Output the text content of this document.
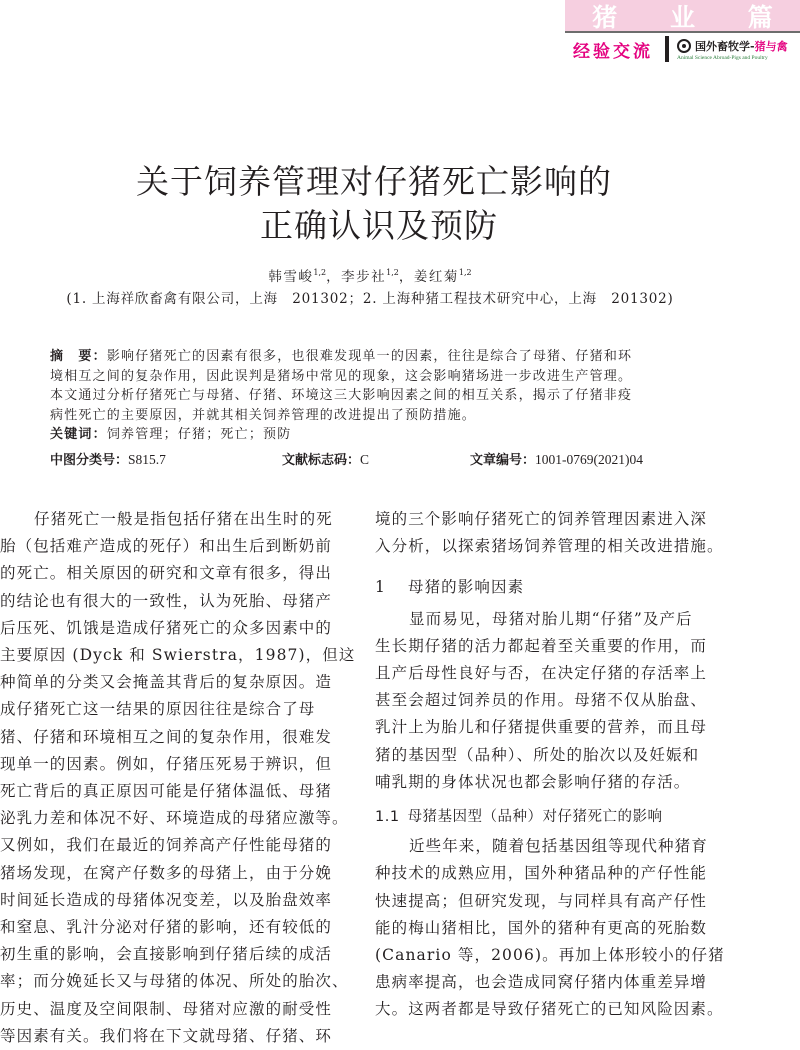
猪 业 篇
经验交流	国外畜牧学- 猪与禽
Animal Science Abroad-Pigs and Poultry
关于饲养管理对仔猪死亡影响的
正确认识及预防
韩雪峻$^{1,2}$，李步社$^{1,2}$，姜红菊$^{1,2}$
(1. 上海祥欣畜禽有限公司，上海　201302；2. 上海种猪工程技术研究中心，上海　201302)
摘　要：影响仔猪死亡的因素有很多，也很难发现单一的因素，往往是综合了母猪、仔猪和环
境相互之间的复杂作用，因此误判是猪场中常见的现象，这会影响猪场进一步改进生产管理。
本文通过分析仔猪死亡与母猪、仔猪、环境这三大影响因素之间的相互关系，揭示了仔猪非疫
病性死亡的主要原因，并就其相关饲养管理的改进提出了预防措施。
关键词：饲养管理；仔猪；死亡；预防
中图分类号：S815.7	文献标志码：C	文章编号：1001-0769(2021)04
仔猪死亡一般是指包括仔猪在出生时的死
胎（包括难产造成的死仔）和出生后到断奶前
的死亡。相关原因的研究和文章有很多，得出
的结论也有很大的一致性，认为死胎、母猪产
后压死、饥饿是造成仔猪死亡的众多因素中的
主要原因 (Dyck 和 Swierstra，1987)，但这
种简单的分类又会掩盖其背后的复杂原因。造
成仔猪死亡这一结果的原因往往是综合了母
猪、仔猪和环境相互之间的复杂作用，很难发
现单一的因素。例如，仔猪压死易于辨识，但
死亡背后的真正原因可能是仔猪体温低、母猪
泌乳力差和体况不好、环境造成的母猪应激等。
又例如，我们在最近的饲养高产仔性能母猪的
猪场发现，在窝产仔数多的母猪上，由于分娩
时间延长造成的母猪体况变差，以及胎盘效率
和窒息、乳汁分泌对仔猪的影响，还有较低的
初生重的影响，会直接影响到仔猪后续的成活
率；而分娩延长又与母猪的体况、所处的胎次、
历史、温度及空间限制、母猪对应激的耐受性
等因素有关。我们将在下文就母猪、仔猪、环
境的三个影响仔猪死亡的饲养管理因素进入深
入分析，以探索猪场饲养管理的相关改进措施。
1 母猪的影响因素
显而易见，母猪对胎儿期“仔猪”及产后
生长期仔猪的活力都起着至关重要的作用，而
且产后母性良好与否，在决定仔猪的存活率上
甚至会超过饲养员的作用。母猪不仅从胎盘、
乳汁上为胎儿和仔猪提供重要的营养，而且母
猪的基因型（品种）、所处的胎次以及妊娠和
哺乳期的身体状况也都会影响仔猪的存活。
1.1 母猪基因型（品种）对仔猪死亡的影响
近些年来，随着包括基因组等现代种猪育
种技术的成熟应用，国外种猪品种的产仔性能
快速提高；但研究发现，与同样具有高产仔性
能的梅山猪相比，国外的猪种有更高的死胎数
(Canario 等，2006)。再加上体形较小的仔猪
患病率提高，也会造成同窝仔猪内体重差异增
大。这两者都是导致仔猪死亡的已知风险因素。
